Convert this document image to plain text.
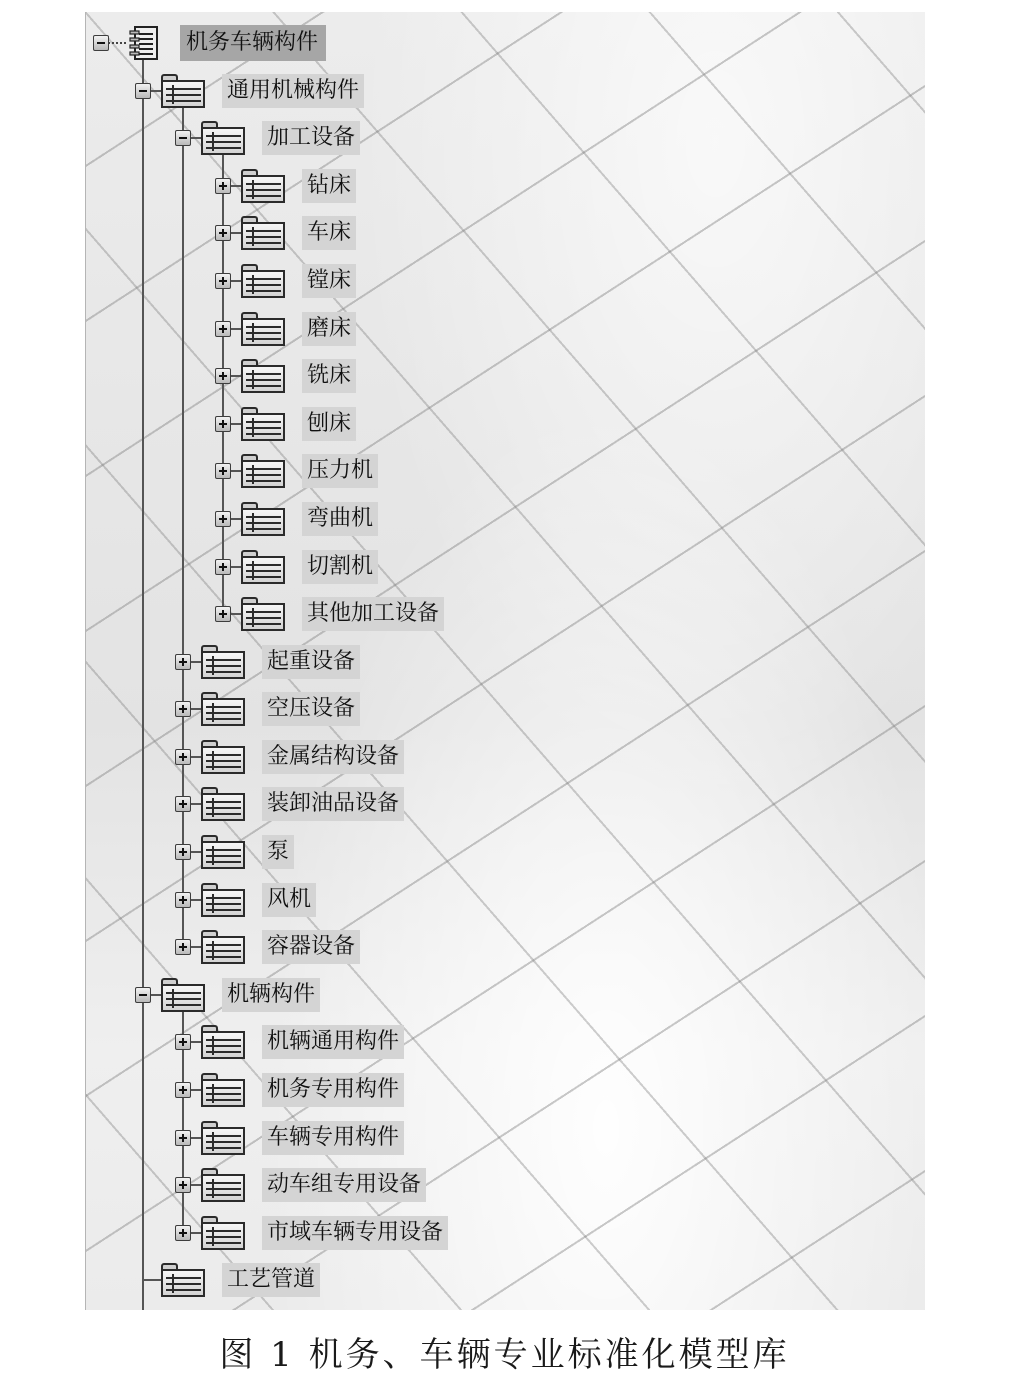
机务车辆构件
通用机械构件
加工设备
钻床
车床
镗床
磨床
铣床
刨床
压力机
弯曲机
切割机
其他加工设备
起重设备
空压设备
金属结构设备
装卸油品设备
泵
风机
容器设备
机辆构件
机辆通用构件
机务专用构件
车辆专用构件
动车组专用设备
市域车辆专用设备
工艺管道
图 1 机务、车辆专业标准化模型库
